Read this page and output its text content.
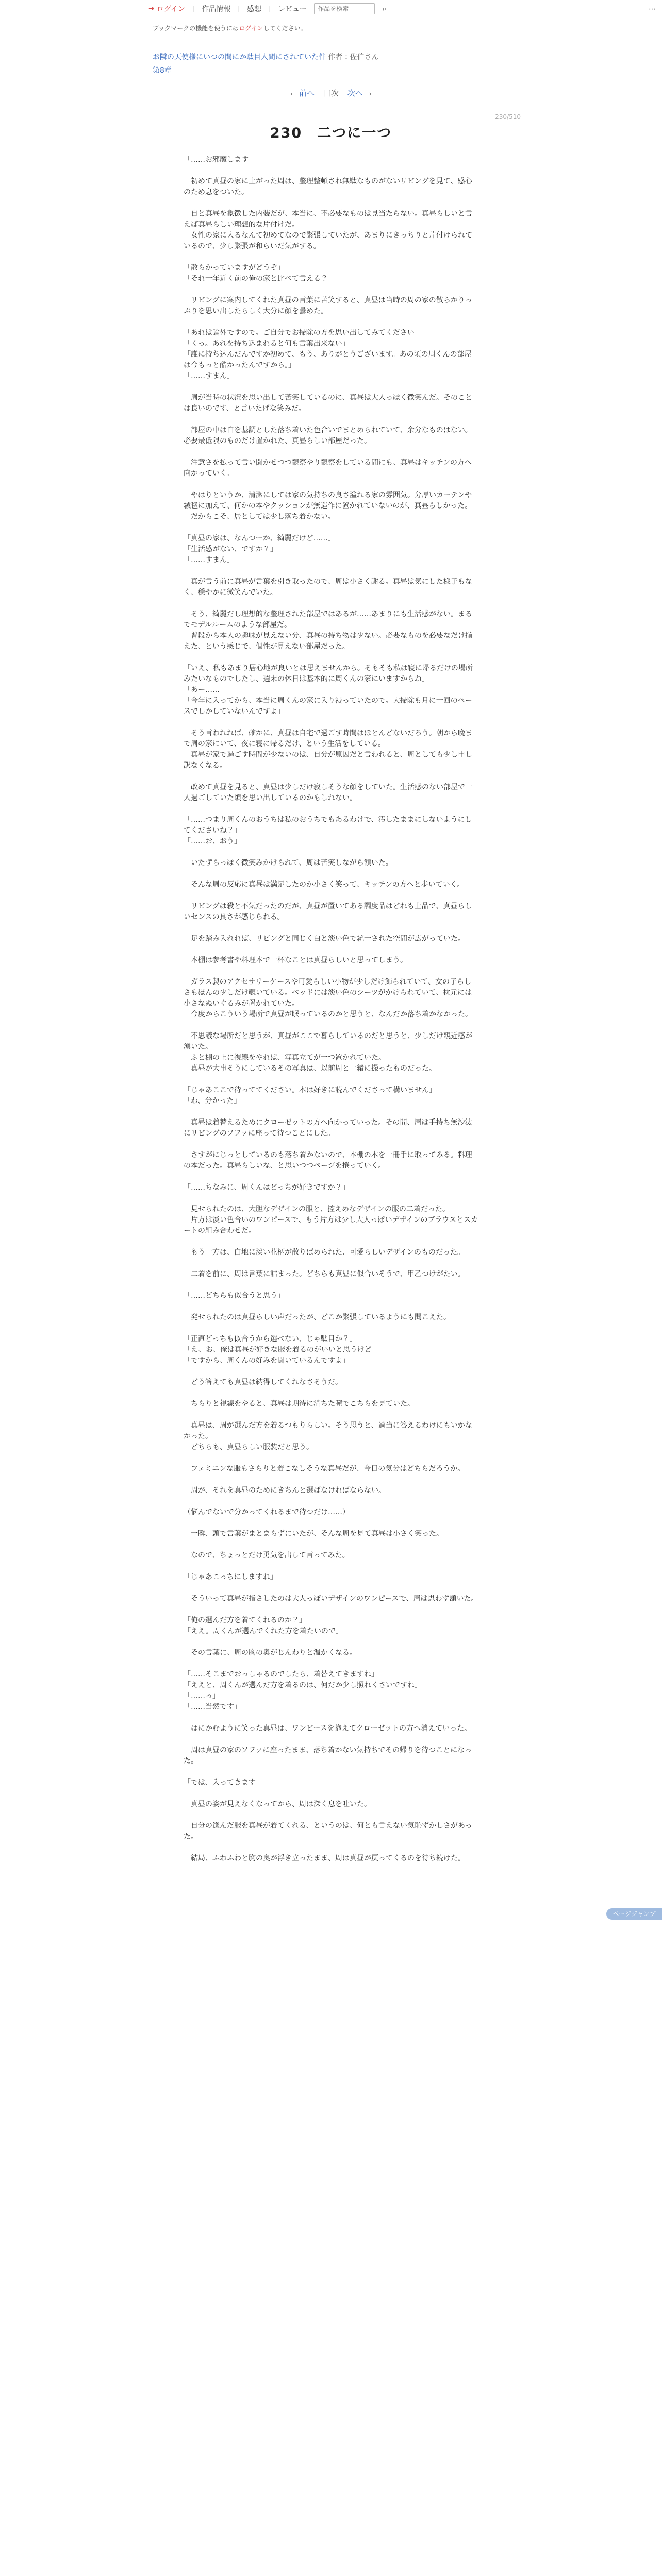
⇥ ログイン | 作品情報 | 感想 | レビュー
作品を検索	⌕	⋯
ブックマークの機能を使うにはログインしてください。
お隣の天使様にいつの間にか駄目人間にされていた件 作者：佐伯さん
第8章
‹ 前へ 目次 次へ ›
230/510
230　二つに一つ

「……お邪魔します」

　初めて真昼の家に上がった周は、整理整頓され無駄なものがないリビングを見て、感心のため息をついた。

　自と真昼を象徴した内装だが、本当に、不必要なものは見当たらない。真昼らしいと言えば真昼らしい理想的な片付けだ。

　女性の家に入るなんて初めてなので緊張していたが、あまりにきっちりと片付けられているので、少し緊張が和らいだ気がする。

「散らかっていますがどうぞ」

「それ一年近く前の俺の家と比べて言える？」

　リビングに案内してくれた真昼の言葉に苦笑すると、真昼は当時の周の家の散らかりっぷりを思い出したらしく大分に顔を曇めた。

「あれは論外ですので。ご自分でお掃除の方を思い出してみてください」

「くっ。あれを持ち込まれると何も言葉出来ない」

「誰に持ち込んだんですか初めて、もう、ありがとうございます。あの頃の周くんの部屋は今もっと酷かったんですから。」

「……すまん」

　周が当時の状況を思い出して苦笑しているのに、真昼は大人っぽく微笑んだ。そのことは良いのです、と言いたげな笑みだ。

　部屋の中は白を基調とした落ち着いた色合いでまとめられていて、余分なものはない。必要最低限のものだけ置かれた、真昼らしい部屋だった。

　注意さを払って言い聞かせつつ観察やり観察をしている間にも、真昼はキッチンの方へ向かっていく。

　やはりというか、清潔にしては家の気持ちの良さ溢れる家の雰囲気。分厚いカーテンや絨毯に加えて、何かの本やクッションが無造作に置かれていないのが、真昼らしかった。

　だからこそ、居としては少し落ち着かない。

「真昼の家は、なんつーか、綺麗だけど……」

「生活感がない、ですか？」

「……すまん」

　真が言う前に真昼が言葉を引き取ったので、周は小さく謝る。真昼は気にした様子もなく、穏やかに微笑んでいた。

　そう、綺麗だし理想的な整理された部屋ではあるが……あまりにも生活感がない。まるでモデルルームのような部屋だ。

　普段から本人の趣味が見えない分、真昼の持ち物は少ない。必要なものを必要なだけ揃えた、という感じで、個性が見えない部屋だった。

「いえ、私もあまり居心地が良いとは思えませんから。そもそも私は寝に帰るだけの場所みたいなものでしたし、週末の休日は基本的に周くんの家にいますからね」

「あー……」

「今年に入ってから、本当に周くんの家に入り浸っていたので。大掃除も月に一回のペースでしかしていないんですよ」

　そう言われれば、確かに、真昼は自宅で過ごす時間はほとんどないだろう。朝から晩まで周の家にいて、夜に寝に帰るだけ、という生活をしている。

　真昼が家で過ごす時間が少ないのは、自分が原因だと言われると、周としても少し申し訳なくなる。

　改めて真昼を見ると、真昼は少しだけ寂しそうな顔をしていた。生活感のない部屋で一人過ごしていた頃を思い出しているのかもしれない。

「……つまり周くんのおうちは私のおうちでもあるわけで、汚したままにしないようにしてくださいね？」

「……お、おう」

　いたずらっぽく微笑みかけられて、周は苦笑しながら頷いた。

　そんな周の反応に真昼は満足したのか小さく笑って、キッチンの方へと歩いていく。

　リビングは殺と不気だったのだが、真昼が置いてある調度品はどれも上品で、真昼らしいセンスの良さが感じられる。

　足を踏み入れれば、リビングと同じく白と淡い色で統一された空間が広がっていた。

　本棚は参考書や料理本で一杯なことは真昼らしいと思ってしまう。

　ガラス製のアクセサリーケースや可愛らしい小物が少しだけ飾られていて、女の子らしさもほんの少しだけ覗いている。ベッドには淡い色のシーツがかけられていて、枕元には小さなぬいぐるみが置かれていた。

　今度からこういう場所で真昼が眠っているのかと思うと、なんだか落ち着かなかった。

　不思議な場所だと思うが、真昼がここで暮らしているのだと思うと、少しだけ親近感が湧いた。

　ふと棚の上に視線をやれば、写真立てが一つ置かれていた。

　真昼が大事そうにしているその写真は、以前周と一緒に撮ったものだった。

「じゃあここで待っててください。本は好きに読んでくださって構いません」

「わ、分かった」

　真昼は着替えるためにクローゼットの方へ向かっていった。その間、周は手持ち無沙汰にリビングのソファに座って待つことにした。

　さすがにじっとしているのも落ち着かないので、本棚の本を一冊手に取ってみる。料理の本だった。真昼らしいな、と思いつつページを捲っていく。

「……ちなみに、周くんはどっちが好きですか？」

　見せられたのは、大胆なデザインの服と、控えめなデザインの服の二着だった。

　片方は淡い色合いのワンピースで、もう片方は少し大人っぽいデザインのブラウスとスカートの組み合わせだ。

　もう一方は、白地に淡い花柄が散りばめられた、可愛らしいデザインのものだった。

　二着を前に、周は言葉に詰まった。どちらも真昼に似合いそうで、甲乙つけがたい。

「……どちらも似合うと思う」

　発せられたのは真昼らしい声だったが、どこか緊張しているようにも聞こえた。

「正直どっちも似合うから選べない、じゃ駄目か？」

「え、お、俺は真昼が好きな服を着るのがいいと思うけど」

「ですから、周くんの好みを聞いているんですよ」

　どう答えても真昼は納得してくれなさそうだ。

　ちらりと視線をやると、真昼は期待に満ちた瞳でこちらを見ていた。

　真昼は、周が選んだ方を着るつもりらしい。そう思うと、適当に答えるわけにもいかなかった。

　どちらも、真昼らしい服装だと思う。

　フェミニンな服もさらりと着こなしそうな真昼だが、今日の気分はどちらだろうか。

　周が、それを真昼のためにきちんと選ばなければならない。

（悩んでないで分かってくれるまで待つだけ……）

　一瞬、頭で言葉がまとまらずにいたが、そんな周を見て真昼は小さく笑った。

　なので、ちょっとだけ勇気を出して言ってみた。

「じゃあこっちにしますね」

　そういって真昼が指さしたのは大人っぽいデザインのワンピースで、周は思わず頷いた。

「俺の選んだ方を着てくれるのか？」

「ええ。周くんが選んでくれた方を着たいので」

　その言葉に、周の胸の奥がじんわりと温かくなる。

「……そこまでおっしゃるのでしたら、着替えてきますね」

「ええと、周くんが選んだ方を着るのは、何だか少し照れくさいですね」

「……っ」

「……当然です」

　はにかむように笑った真昼は、ワンピースを抱えてクローゼットの方へ消えていった。

　周は真昼の家のソファに座ったまま、落ち着かない気持ちでその帰りを待つことになった。

「では、入ってきます」

　真昼の姿が見えなくなってから、周は深く息を吐いた。

　自分の選んだ服を真昼が着てくれる、というのは、何とも言えない気恥ずかしさがあった。

　結局、ふわふわと胸の奥が浮き立ったまま、周は真昼が戻ってくるのを待ち続けた。

ページジャンプ
